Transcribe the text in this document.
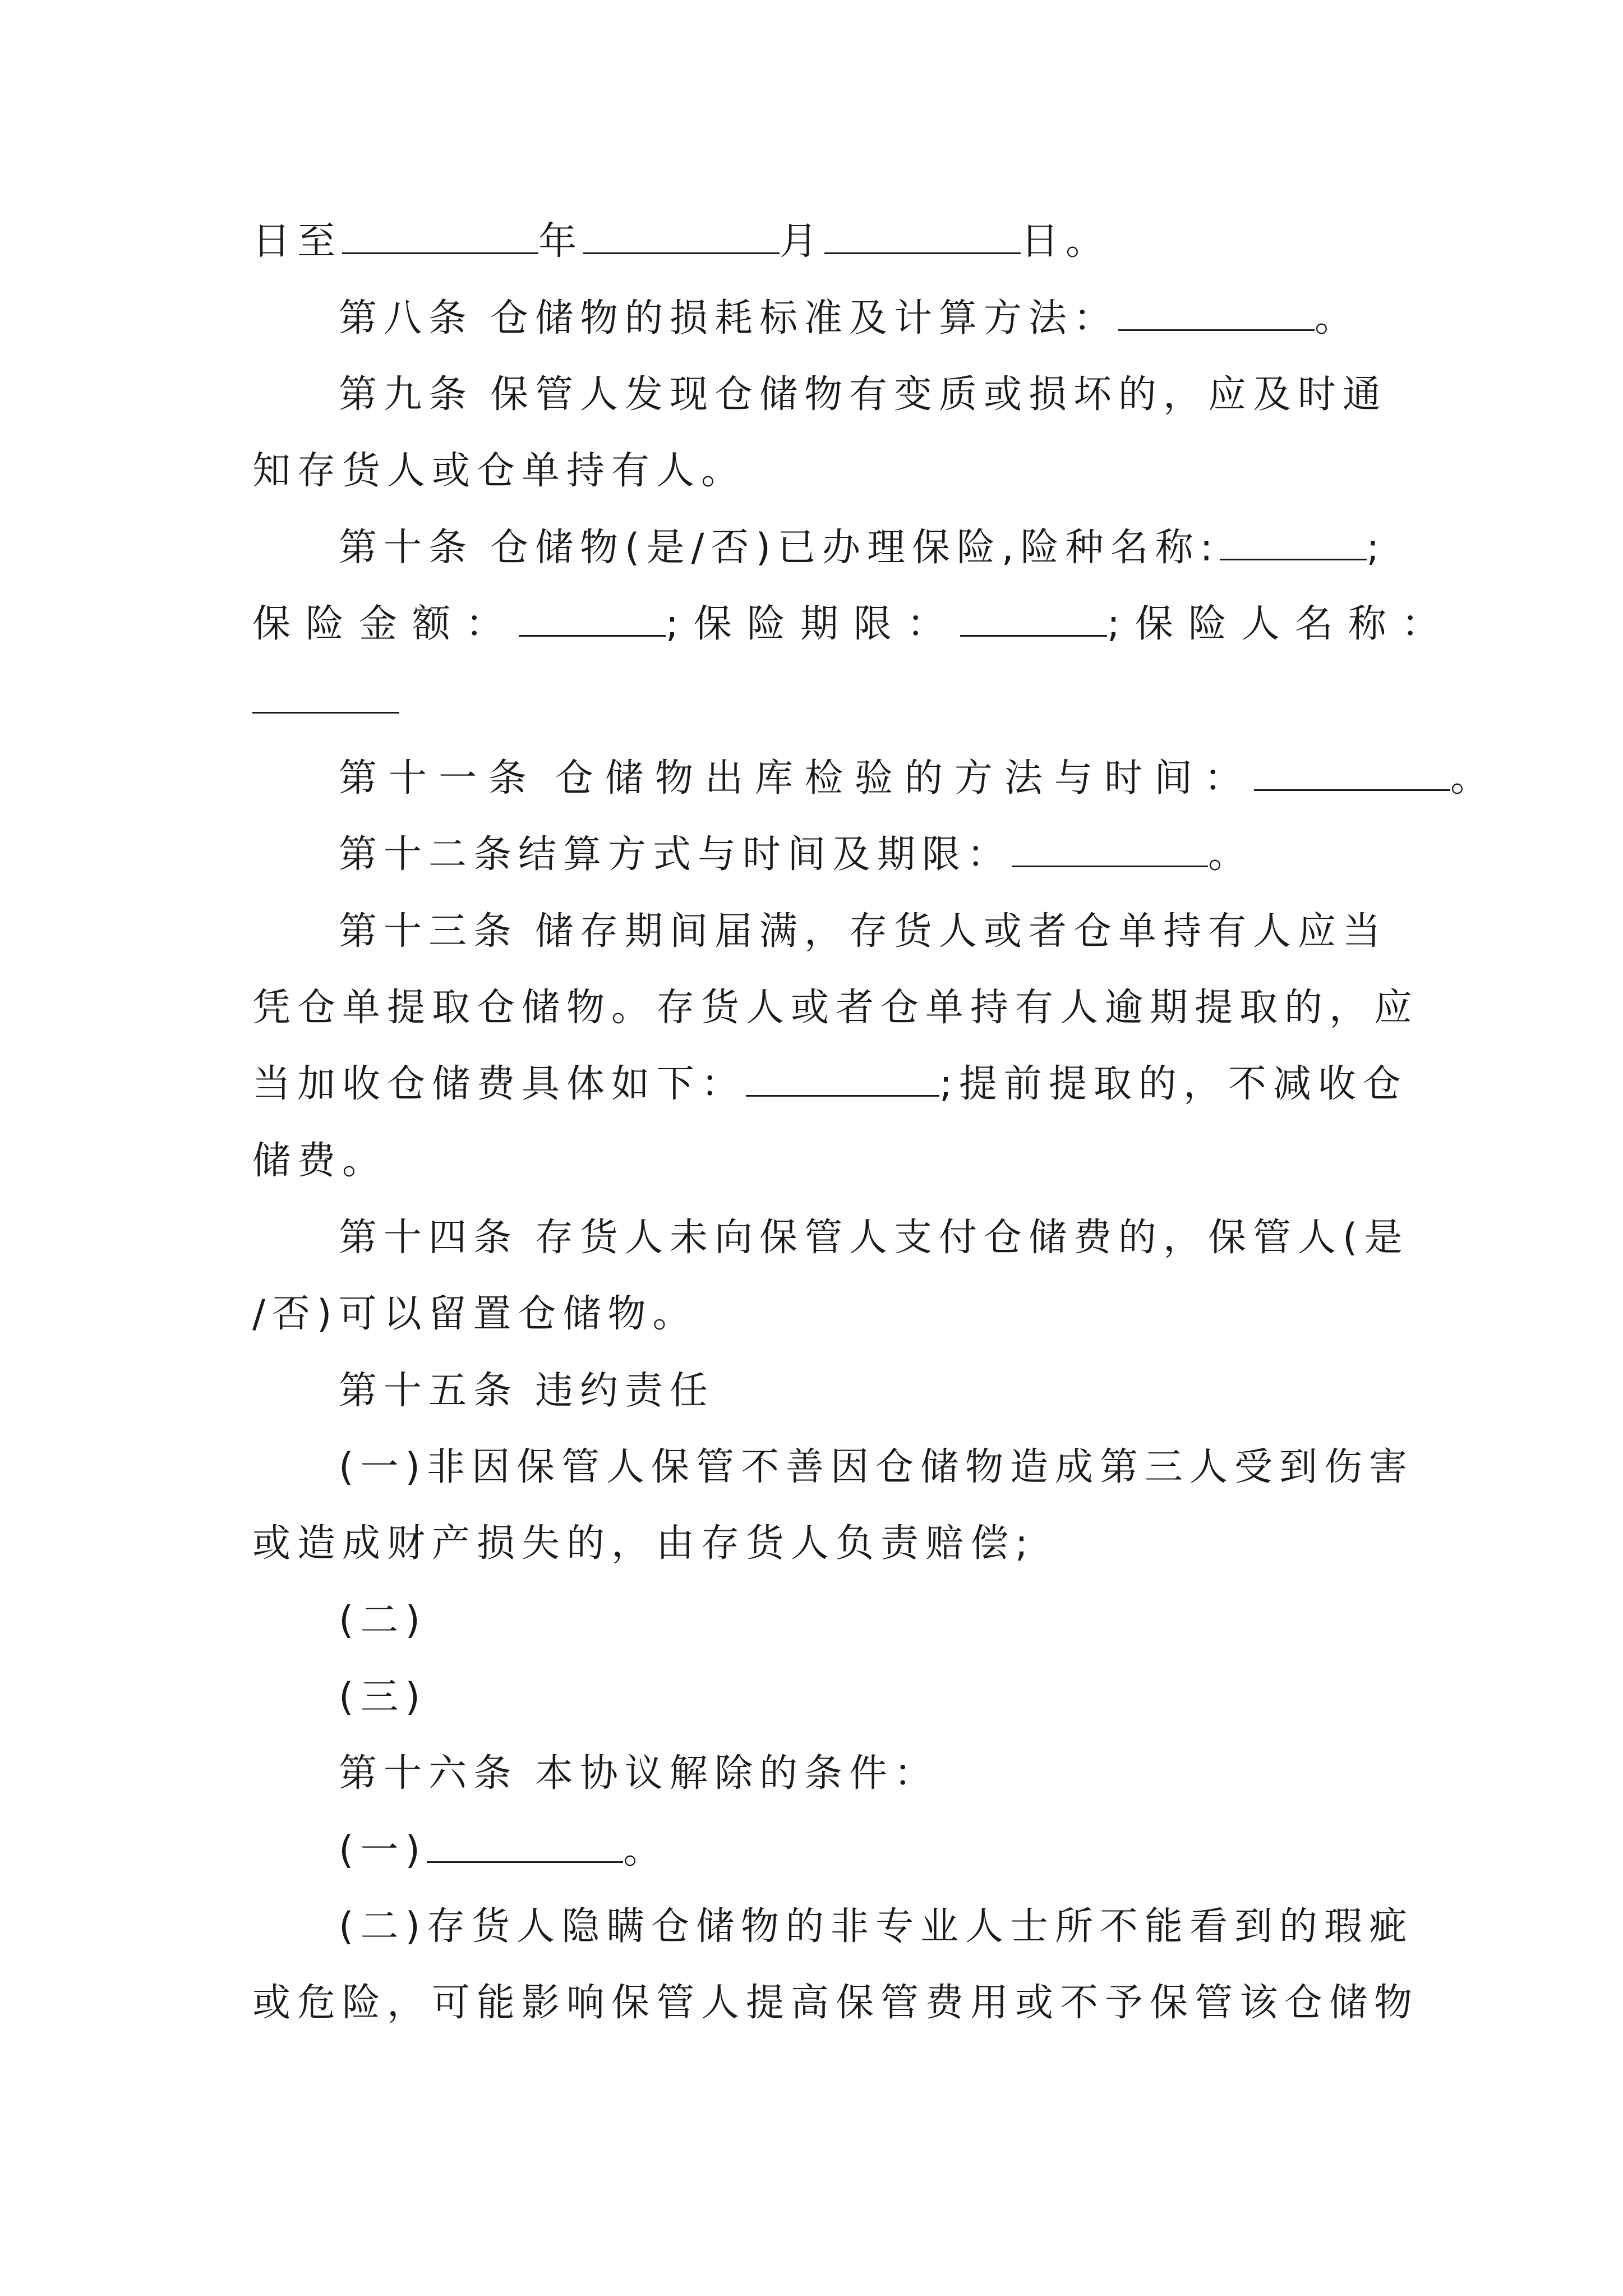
日至	年	月	日。
第八条 仓储物的损耗标准及计算方法：	。
第九条 保管人发现仓储物有变质或损坏的，应及时通
知存货人或仓单持有人。
第十条 仓储物(是/否)已办理保险,险种名称:	;
保险金额：	;保险期限：	;保险人名称：
第十一条 仓储物出库检验的方法与时间：	。
第十二条结算方式与时间及期限：	。
第十三条 储存期间届满，存货人或者仓单持有人应当
凭仓单提取仓储物。存货人或者仓单持有人逾期提取的，应
当加收仓储费具体如下：	;提前提取的，不减收仓
储费。
第十四条 存货人未向保管人支付仓储费的，保管人(是
/否)可以留置仓储物。
第十五条 违约责任
(一)非因保管人保管不善因仓储物造成第三人受到伤害
或造成财产损失的，由存货人负责赔偿;
(二)
(三)
第十六条 本协议解除的条件：
(一)	。
(二)存货人隐瞒仓储物的非专业人士所不能看到的瑕疵
或危险，可能影响保管人提高保管费用或不予保管该仓储物
